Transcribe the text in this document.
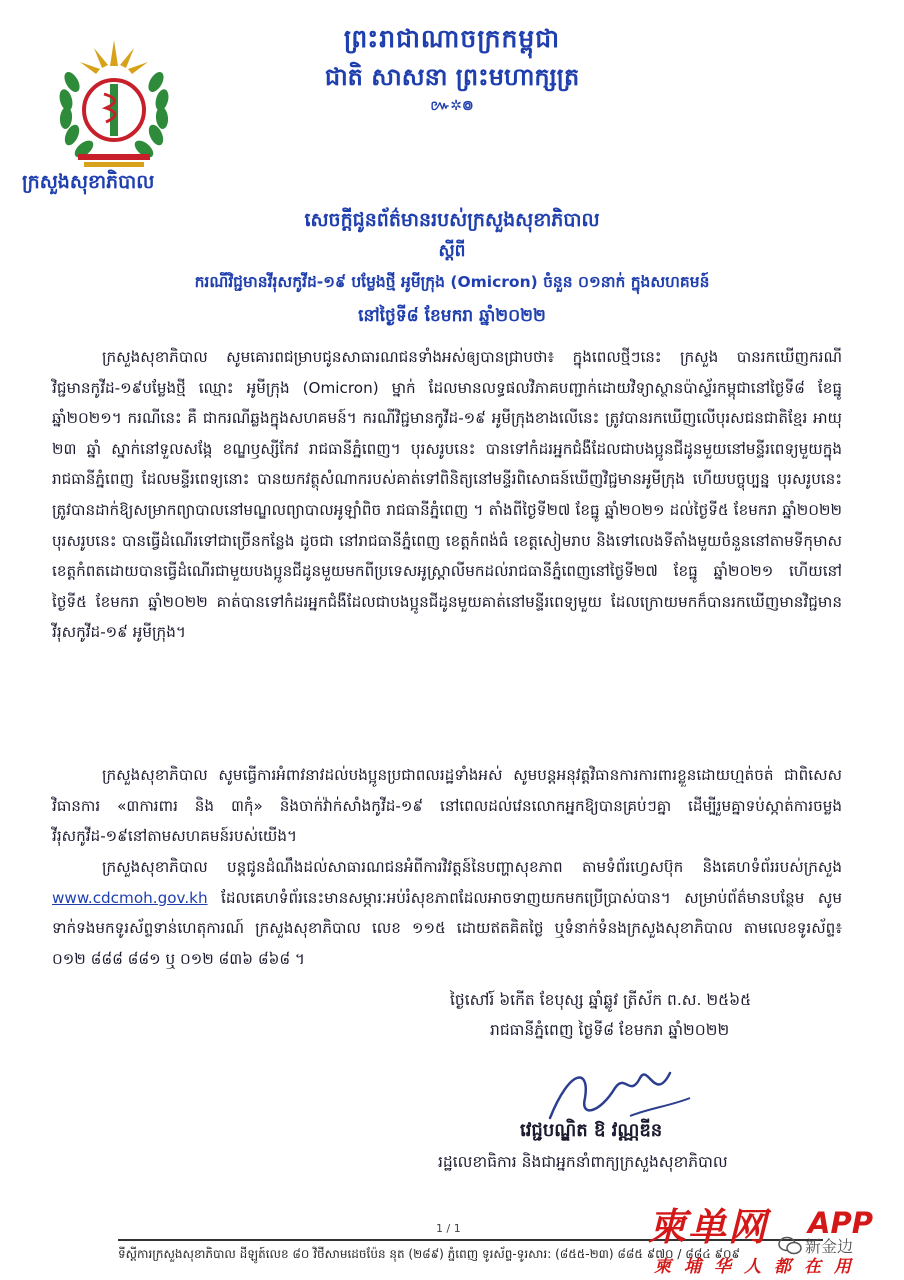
ព្រះរាជាណាចក្រកម្ពុជា
ជាតិ សាសនា ព្រះមហាក្សត្រ
៚✲៙
ក្រសួងសុខាភិបាល
សេចក្តីជូនព័ត៌មានរបស់ក្រសួងសុខាភិបាល
ស្តីពី
ករណីវិជ្ជមានវីរុសកូវីដ-១៩ បម្លែងថ្មី អូមីក្រុង (Omicron) ចំនួន ០១នាក់ ក្នុងសហគមន៍
នៅថ្ងៃទី៨ ខែមករា ឆ្នាំ២០២២

ក្រសួងសុខាភិបាល សូមគោរពជម្រាបជូនសាធារណជនទាំងអស់ឲ្យបានជ្រាបថា៖ ក្នុងពេលថ្មីៗនេះ ក្រសួង បានរកឃើញករណីវិជ្ជមានកូវីដ-១៩បម្លែងថ្មី ឈ្មោះ អូមីក្រុង (Omicron) ម្នាក់ ដែលមានលទ្ធផលវិភាគបញ្ជាក់ដោយវិទ្យាស្ថានប៉ាស្ទ័រកម្ពុជានៅថ្ងៃទី៨ ខែធ្នូ ឆ្នាំ២០២១។ ករណីនេះ គឺ ជាករណីឆ្លងក្នុងសហគមន៍។ ករណីវិជ្ជមានកូវីដ-១៩ អូមីក្រុងខាងលើនេះ ត្រូវបានរកឃើញលើបុរសជនជាតិខ្មែរ អាយុ ២៣ ឆ្នាំ ស្នាក់នៅទួលសង្កែ ខណ្ឌឫស្សីកែវ រាជធានីភ្នំពេញ។ បុរសរូបនេះ បានទៅកំដរអ្នកជំងឺដែលជាបងប្អូនជីដូនមួយនៅមន្ទីរពេទ្យមួយក្នុងរាជធានីភ្នំពេញ ដែលមន្ទីរពេទ្យនោះ បានយកវត្ថុសំណាករបស់គាត់ទៅពិនិត្យនៅមន្ទីរពិសោធន៍ឃើញវិជ្ជមានអូមីក្រុង ហើយបច្ចុប្បន្ន បុរសរូបនេះ ត្រូវបានដាក់ឱ្យសម្រាកព្យាបាលនៅមណ្ឌលព្យាបាលអូឡាំពិច រាជធានីភ្នំពេញ ។ តាំងពីថ្ងៃទី២៧ ខែធ្នូ ឆ្នាំ២០២១ ដល់ថ្ងៃទី៥ ខែមករា ឆ្នាំ២០២២ បុរសរូបនេះ បានធ្វើដំណើរទៅជាច្រើនកន្លែង ដូចជា នៅរាជធានីភ្នំពេញ ខេត្តកំពង់ធំ ខេត្តសៀមរាប និងទៅលេងទីតាំងមួយចំនួននៅតាមទីកុមាសខេត្តកំពតដោយបានធ្វើដំណើរជាមួយបងប្អូនជីដូនមួយមកពីប្រទេសអូស្ត្រាលីមកដល់រាជធានីភ្នំពេញនៅថ្ងៃទី២៧ ខែធ្នូ ឆ្នាំ២០២១ ហើយនៅថ្ងៃទី៥ ខែមករា ឆ្នាំ២០២២ គាត់បានទៅកំដរអ្នកជំងឺដែលជាបងប្អូនជីដូនមួយគាត់នៅមន្ទីរពេទ្យមួយ ដែលក្រោយមកក៏បានរកឃើញមានវិជ្ជមានវីរុសកូវីដ-១៩ អូមីក្រុង។

ក្រសួងសុខាភិបាល សូមធ្វើការអំពាវនាវដល់បងប្អូនប្រជាពលរដ្ឋទាំងអស់ សូមបន្តអនុវត្តវិធានការការពារខ្លួនដោយហ្មត់ចត់ ជាពិសេសវិធានការ «៣ការពារ និង ៣កុំ» និងចាក់វ៉ាក់សាំងកូវីដ-១៩ នៅពេលដល់វេនលោកអ្នកឱ្យបានគ្រប់ៗគ្នា ដើម្បីរួមគ្នាទប់ស្កាត់ការចម្លងវីរុសកូវីដ-១៩នៅតាមសហគមន៍របស់យើង។

ក្រសួងសុខាភិបាល បន្តជូនដំណឹងដល់សាធារណជនអំពីការវិវត្តន៍នៃបញ្ហាសុខភាព តាមទំព័រហ្វេសប៊ុក និងគេហទំព័ររបស់ក្រសួង www.cdcmoh.gov.kh ដែលគេហទំព័រនេះមានសម្ភារៈអប់រំសុខភាពដែលអាចទាញយកមកប្រើប្រាស់បាន។ សម្រាប់ព័ត៌មានបន្ថែម សូមទាក់ទងមកទូរស័ព្ទទាន់ហេតុការណ៍ ក្រសួងសុខាភិបាល លេខ ១១៥ ដោយឥតគិតថ្លៃ ឬទំនាក់ទំនងក្រសួងសុខាភិបាល តាមលេខទូរស័ព្ទ៖ ០១២ ៨៨៨ ៨៨១ ឬ ០១២ ៨៣៦ ៨៦៨ ។

ថ្ងៃសៅរ៍ ៦កើត ខែបុស្ស ឆ្នាំឆ្លូវ ត្រីស័ក ព.ស. ២៥៦៥
រាជធានីភ្នំពេញ ថ្ងៃទី៨ ខែមករា ឆ្នាំ២០២២
វេជ្ជបណ្ឌិត ឱ វណ្ណឌីន
រដ្ឋលេខាធិការ និងជាអ្នកនាំពាក្យក្រសួងសុខាភិបាល
1 / 1
ទីស្តីការក្រសួងសុខាភិបាល ដីឡូត៍លេខ ៨០ វិថីសាមដេចប៉ែន នុត (២៨៩) ភ្នំពេញ ទូរស័ព្ទ-ទូរសារ: (៨៥៥-២៣) ៨៨៥ ៩៧០ / ៨៨៤ ៩០៩
柬单网 APP
新金边
柬埔华人都在用
